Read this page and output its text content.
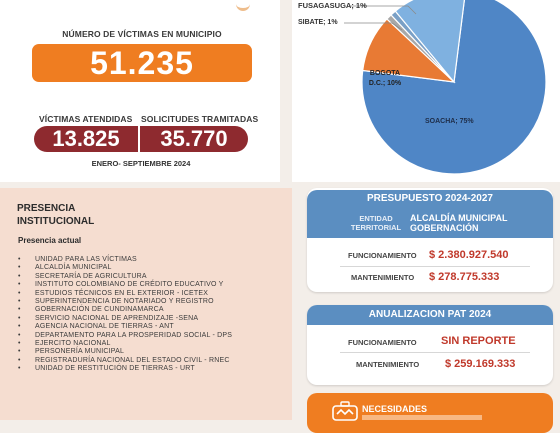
NÚMERO DE VÍCTIMAS EN MUNICIPIO
51.235
VÍCTIMAS ATENDIDAS SOLICITUDES TRAMITADAS
13.825	35.770
ENERO- SEPTIEMBRE 2024
FUSAGASUGA; 1%
SIBATE; 1%
BOGOTA D.C.; 10%
SOACHA; 75%
PRESENCIA
INSTITUCIONAL
Presencia actual
• UNIDAD PARA LAS VÍCTIMAS
• ALCALDÍA MUNICIPAL
• SECRETARÍA DE AGRICULTURA
• INSTITUTO COLOMBIANO DE CRÉDITO EDUCATIVO Y
• ESTUDIOS TÉCNICOS EN EL EXTERIOR - ICETEX
• SUPERINTENDENCIA DE NOTARIADO Y REGISTRO
• GOBERNACIÓN DE CUNDINAMARCA
• SERVICIO NACIONAL DE APRENDIZAJE -SENA
• AGENCIA NACIONAL DE TIERRAS - ANT
• DEPARTAMENTO PARA LA PROSPERIDAD SOCIAL - DPS
• EJERCITO NACIONAL
• PERSONERÍA MUNICIPAL
• REGISTRADURÍA NACIONAL DEL ESTADO CIVIL - RNEC
• UNIDAD DE RESTITUCIÓN DE TIERRAS - URT
PRESUPUESTO 2024-2027
ENTIDAD
TERRITORIAL
ALCALDÍA MUNICIPAL
GOBERNACIÓN
FUNCIONAMIENTO $ 2.380.927.540
MANTENIMIENTO $ 278.775.333
ANUALIZACION PAT 2024
FUNCIONAMIENTO SIN REPORTE
MANTENIMIENTO $ 259.169.333
NECESIDADES
